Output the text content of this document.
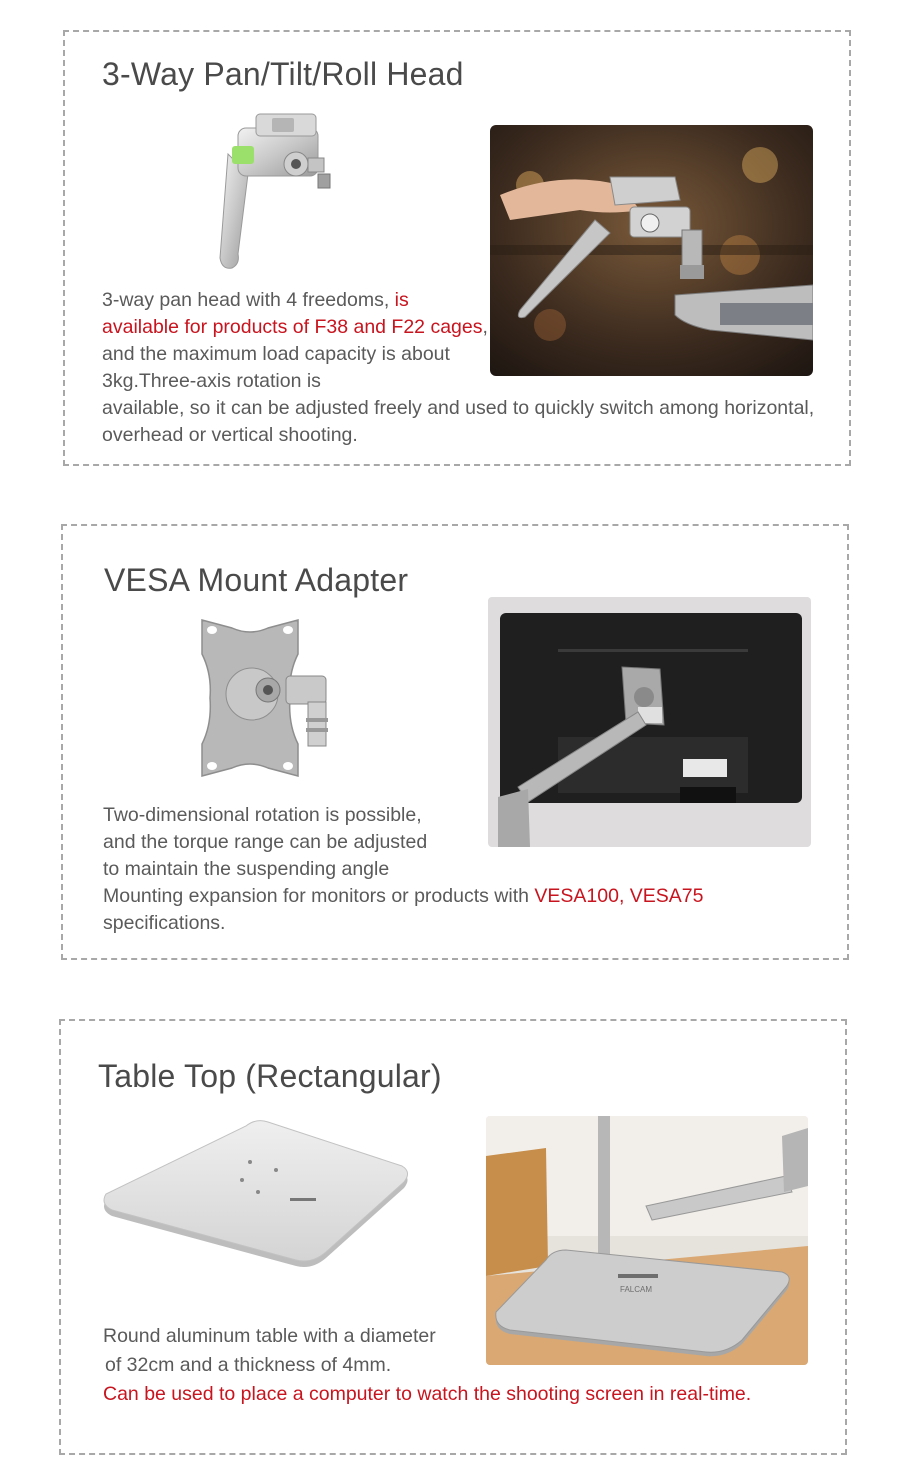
3-Way Pan/Tilt/Roll Head
3-way pan head with 4 freedoms, is available for products of F38 and F22 cages, and the maximum load capacity is about 3kg.Three-axis rotation is
available, so it can be adjusted freely and used to quickly switch among horizontal, overhead or vertical shooting.
VESA Mount Adapter
Two-dimensional rotation is possible,
and the torque range can be adjusted
to maintain the suspending angle
Mounting expansion for monitors or products with VESA100, VESA75
specifications.
Table Top (Rectangular)
FALCAM
Round aluminum table with a diameter
of 32cm and a thickness of 4mm.
Can be used to place a computer to watch the shooting screen in real-time.
